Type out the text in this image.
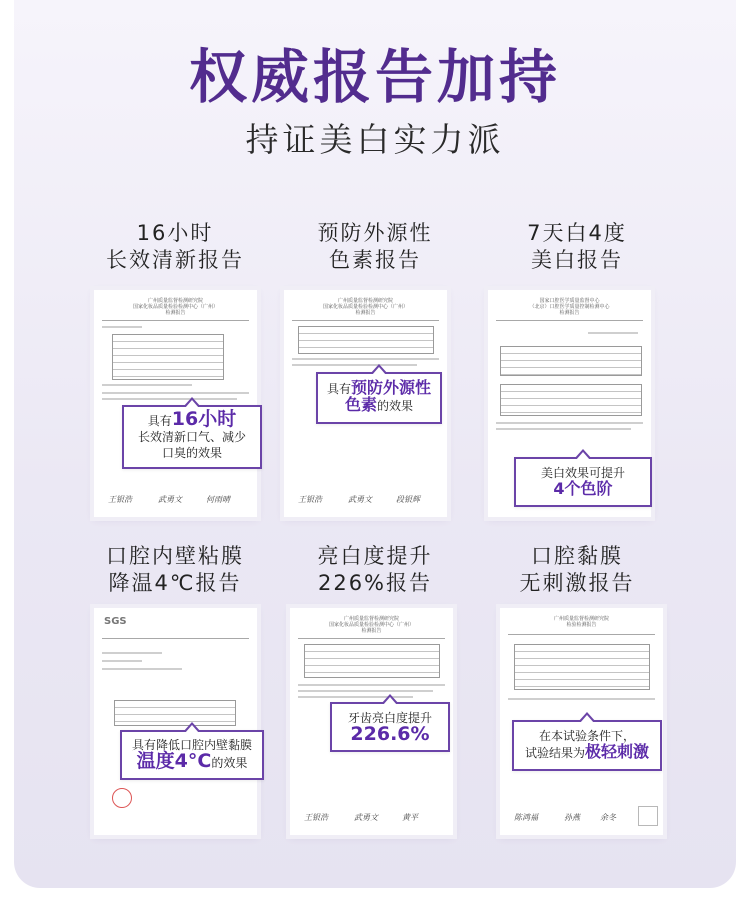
权威报告加持
持证美白实力派
16小时
长效清新报告
预防外源性
色素报告
7天白4度
美白报告
广州质量监督检测研究院
国家化妆品质量检验检测中心（广州）
检测报告
王银浩	武勇文	何雨晴
具有16小时
长效清新口气、减少
口臭的效果
广州质量监督检测研究院
国家化妆品质量检验检测中心（广州）
检测报告
王银浩	武勇文	段银辉
具有预防外源性
色素的效果
国家口腔医学质量监督中心
（北京）口腔医学质量控制检测中心
检测报告
美白效果可提升
4个色阶
口腔内壁粘膜
降温4℃报告
亮白度提升
226%报告
口腔黏膜
无刺激报告
SGS
具有降低口腔内壁黏膜
温度4°C的效果
广州质量监督检测研究院
国家化妆品质量检验检测中心（广州）
检测报告
王银浩	武勇文	黄平
牙齿亮白度提升
226.6%
广州质量监督检测研究院
检验检测报告
陈鸿福	孙燕	余冬
在本试验条件下，
试验结果为极轻刺激
